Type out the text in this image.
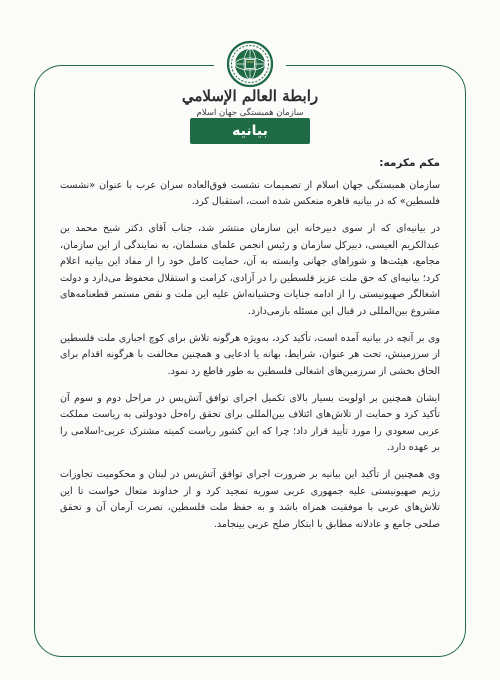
رابطة العالم الإسلامي
سازمان همبستگی جهان اسلام
بیانیه
مکم مکرمه:

سازمان همبستگی جهان اسلام از تصمیمات نشست فوق‌العاده سران عرب با عنوان «نشست فلسطین» که در بیانیه قاهره منعکس شده است، استقبال کرد.

در بیانیه‌ای که از سوی دبیرخانه این سازمان منتشر شد، جناب آقای دکتر شیخ محمد بن عبدالکریم العیسی، دبیرکل سازمان و رئیس انجمن علمای مسلمان، به نمایندگی از این سازمان، مجامع، هیئت‌ها و شوراهای جهانی وابسته به آن، حمایت کامل خود را از مفاد این بیانیه اعلام کرد؛ بیانیه‌ای که حق ملت عزیز فلسطین را در آزادی، کرامت و استقلال محفوظ می‌دارد و دولت اشغالگر صهیونیستی را از ادامه جنایات وحشیانه‌اش علیه این ملت و نقض مستمر قطعنامه‌های مشروع بین‌المللی در قبال این مسئله بازمی‌دارد.

وی بر آنچه در بیانیه آمده است، تأکید کرد، به‌ویژه هرگونه تلاش برای کوچ اجباری ملت فلسطین از سرزمینش، تحت هر عنوان، شرایط، بهانه یا ادعایی و همچنین مخالفت با هرگونه اقدام برای الحاق بخشی از سرزمین‌های اشغالی فلسطین به طور قاطع رد نمود.

ایشان همچنین بر اولویت بسیار بالای تکمیل اجرای توافق آتش‌بس در مراحل دوم و سوم آن تأکید کرد و حمایت از تلاش‌های ائتلاف بین‌المللی برای تحقق راه‌حل دودولتی به ریاست مملکت عربی سعودی را مورد تأیید قرار داد؛ چرا که این کشور ریاست کمیته مشترک عربی-اسلامی را بر عهده دارد.

وی همچنین از تأکید این بیانیه بر ضرورت اجرای توافق آتش‌بس در لبنان و محکومیت تجاوزات رژیم صهیونیستی علیه جمهوری عربی سوریه تمجید کرد و از خداوند متعال خواست تا این تلاش‌های عربی با موفقیت همراه باشد و به حفظ ملت فلسطین، نصرت آرمان آن و تحقق صلحی جامع و عادلانه مطابق با ابتکار صلح عربی بینجامد.
